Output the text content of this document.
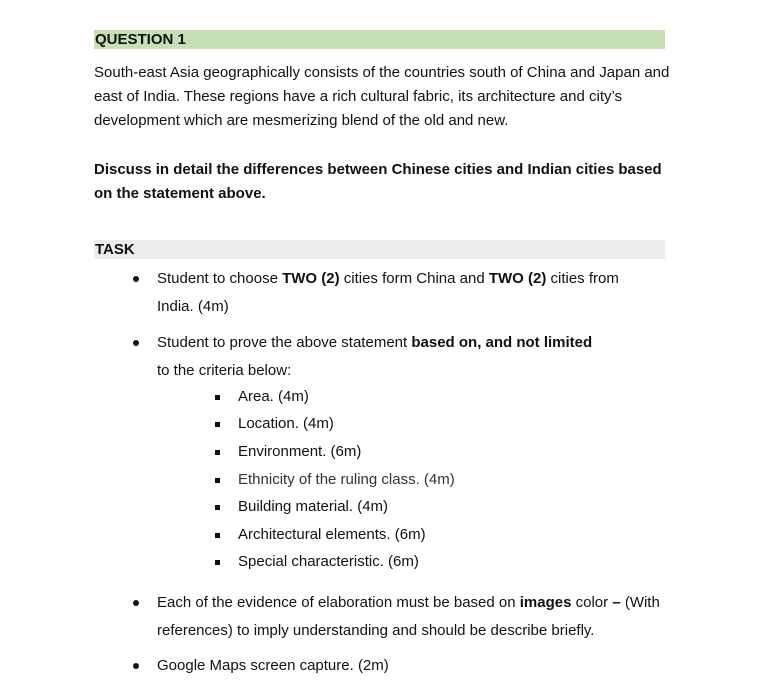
QUESTION 1

South-east Asia geographically consists of the countries south of China and Japan and east of India. These regions have a rich cultural fabric, its architecture and city’s development which are mesmerizing blend of the old and new.

Discuss in detail the differences between Chinese cities and Indian cities based on the statement above.

TASK

Student to choose TWO (2) cities form China and TWO (2) cities from India. (4m)

Student to prove the above statement based on, and not limited to the criteria below:

Area. (4m)
Location. (4m)
Environment. (6m)
Ethnicity of the ruling class. (4m)
Building material. (4m)
Architectural elements. (6m)
Special characteristic. (6m)

Each of the evidence of elaboration must be based on images color – (With references) to imply understanding and should be describe briefly.

Google Maps screen capture. (2m)
